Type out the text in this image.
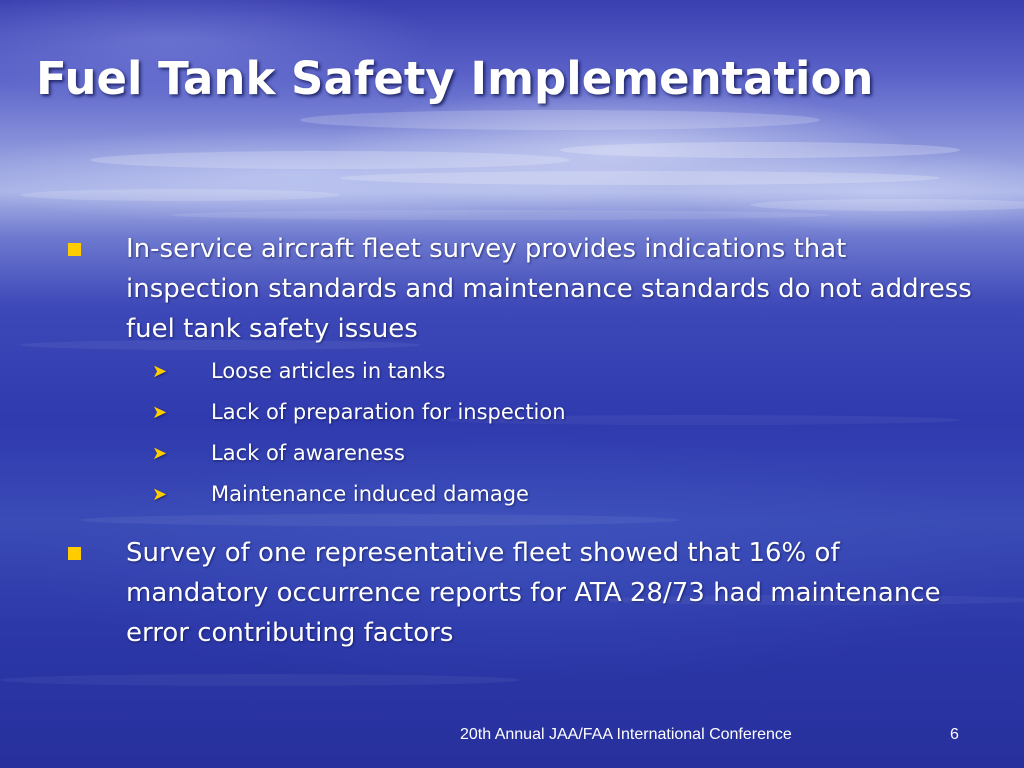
Fuel Tank Safety Implementation
In-service aircraft fleet survey provides indications that inspection standards and maintenance standards do not address fuel tank safety issues
➤ Loose articles in tanks
➤ Lack of preparation for inspection
➤ Lack of awareness
➤ Maintenance induced damage
Survey of one representative fleet showed that 16% of mandatory occurrence reports for ATA 28/73 had maintenance error contributing factors
20th Annual JAA/FAA International Conference	6
